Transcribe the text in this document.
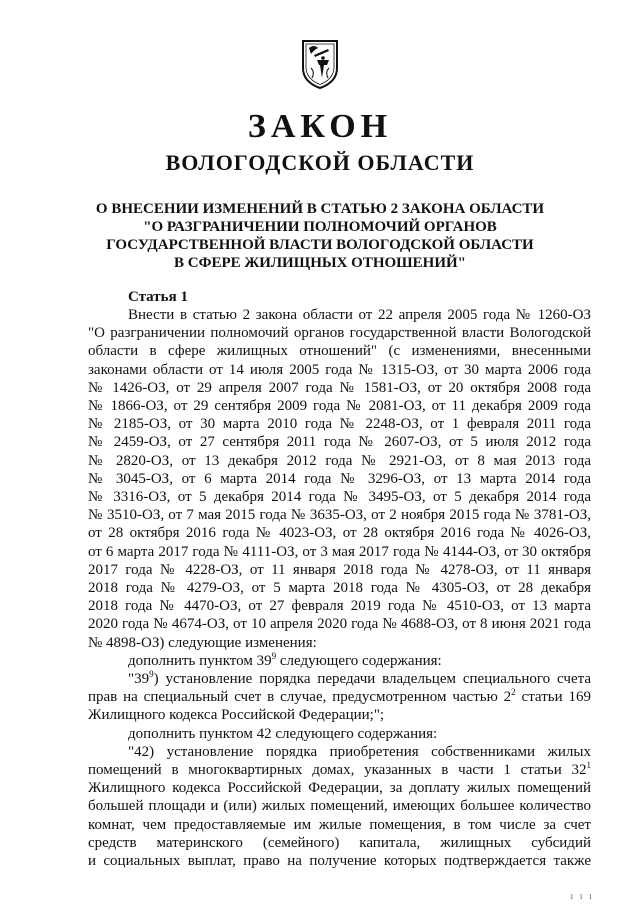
ЗАКОН
ВОЛОГОДСКОЙ ОБЛАСТИ
О ВНЕСЕНИИ ИЗМЕНЕНИЙ В СТАТЬЮ 2 ЗАКОНА ОБЛАСТИ
"О РАЗГРАНИЧЕНИИ ПОЛНОМОЧИЙ ОРГАНОВ
ГОСУДАРСТВЕННОЙ ВЛАСТИ ВОЛОГОДСКОЙ ОБЛАСТИ
В СФЕРЕ ЖИЛИЩНЫХ ОТНОШЕНИЙ"
Статья 1
Внести в статью 2 закона области от 22 апреля 2005 года № 1260-ОЗ
"О разграничении полномочий органов государственной власти Вологодской
области в сфере жилищных отношений" (с изменениями, внесенными
законами области от 14 июля 2005 года № 1315-ОЗ, от 30 марта 2006 года
№ 1426-ОЗ, от 29 апреля 2007 года № 1581-ОЗ, от 20 октября 2008 года
№ 1866-ОЗ, от 29 сентября 2009 года № 2081-ОЗ, от 11 декабря 2009 года
№ 2185-ОЗ, от 30 марта 2010 года № 2248-ОЗ, от 1 февраля 2011 года
№ 2459-ОЗ, от 27 сентября 2011 года № 2607-ОЗ, от 5 июля 2012 года
№ 2820-ОЗ, от 13 декабря 2012 года № 2921-ОЗ, от 8 мая 2013 года
№ 3045-ОЗ, от 6 марта 2014 года № 3296-ОЗ, от 13 марта 2014 года
№ 3316-ОЗ, от 5 декабря 2014 года № 3495-ОЗ, от 5 декабря 2014 года
№ 3510-ОЗ, от 7 мая 2015 года № 3635-ОЗ, от 2 ноября 2015 года № 3781-ОЗ,
от 28 октября 2016 года № 4023-ОЗ, от 28 октября 2016 года № 4026-ОЗ,
от 6 марта 2017 года № 4111-ОЗ, от 3 мая 2017 года № 4144-ОЗ, от 30 октября
2017 года № 4228-ОЗ, от 11 января 2018 года № 4278-ОЗ, от 11 января
2018 года № 4279-ОЗ, от 5 марта 2018 года № 4305-ОЗ, от 28 декабря
2018 года № 4470-ОЗ, от 27 февраля 2019 года № 4510-ОЗ, от 13 марта
2020 года № 4674-ОЗ, от 10 апреля 2020 года № 4688-ОЗ, от 8 июня 2021 года
№ 4898-ОЗ) следующие изменения:
дополнить пунктом $39^9$ следующего содержания:
"$39^9$) установление порядка передачи владельцем специального счета
прав на специальный счет в случае, предусмотренном частью $2^2$ статьи 169
Жилищного кодекса Российской Федерации;";
дополнить пунктом 42 следующего содержания:
"42) установление порядка приобретения собственниками жилых
помещений в многоквартирных домах, указанных в части 1 статьи $32^1$
Жилищного кодекса Российской Федерации, за доплату жилых помещений
большей площади и (или) жилых помещений, имеющих большее количество
комнат, чем предоставляемые им жилые помещения, в том числе за счет
средств материнского (семейного) капитала, жилищных субсидий
и социальных выплат, право на получение которых подтверждается также
1 1 1
